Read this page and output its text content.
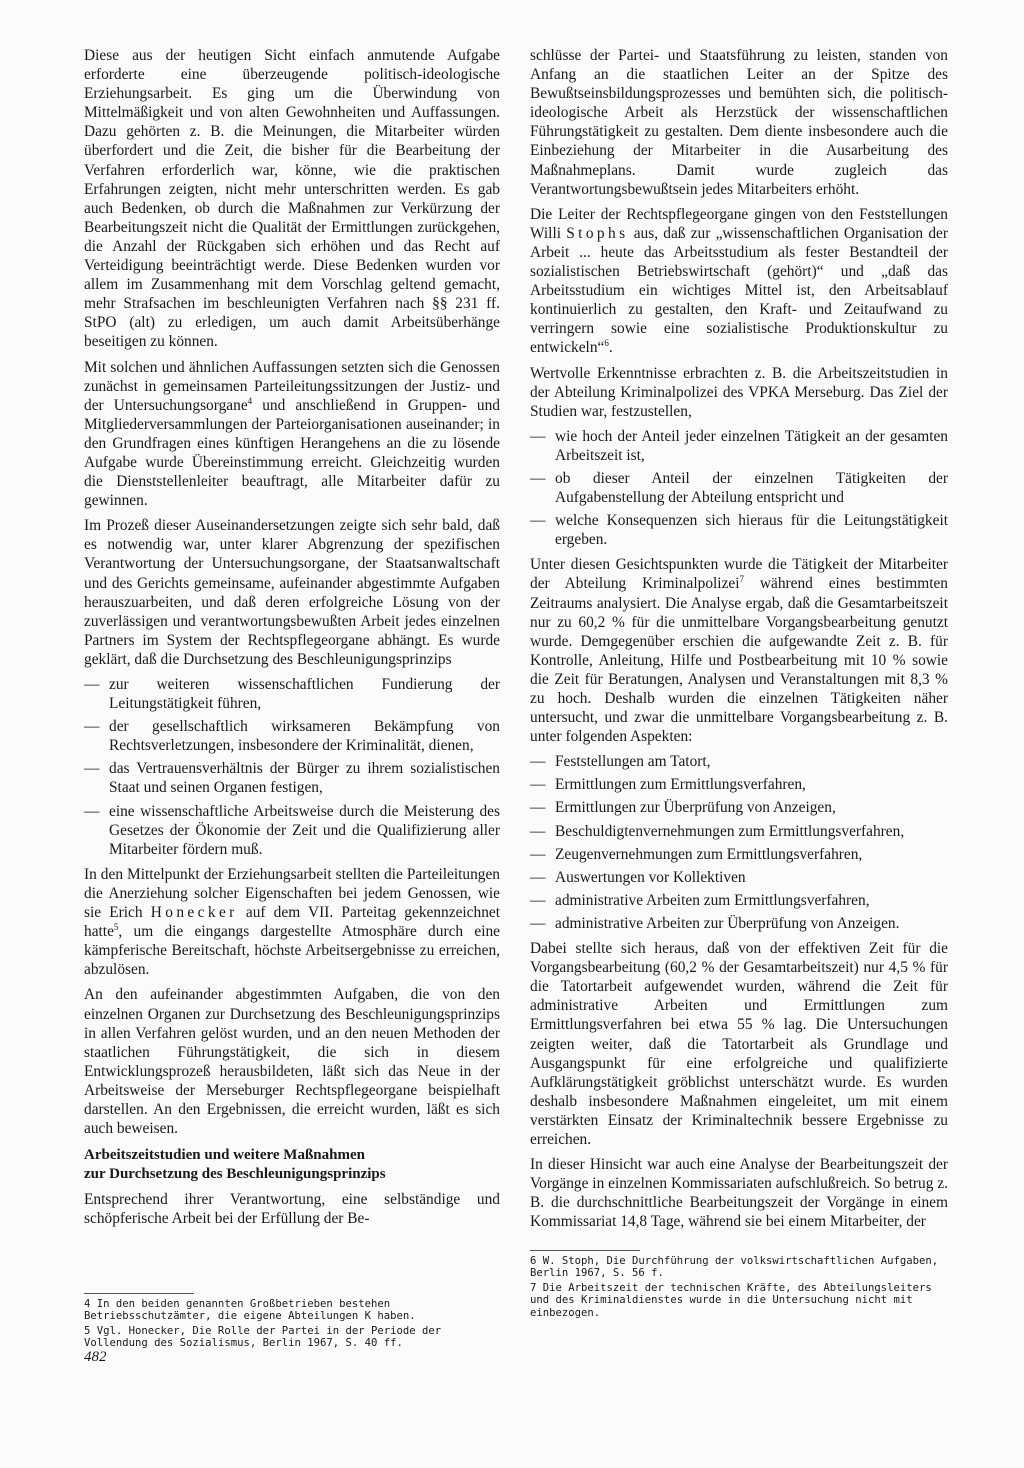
Diese aus der heutigen Sicht einfach anmutende Aufgabe erforderte eine überzeugende politisch-ideologische Erziehungsarbeit. Es ging um die Überwindung von Mittelmäßigkeit und von alten Gewohnheiten und Auffassungen. Dazu gehörten z. B. die Meinungen, die Mitarbeiter würden überfordert und die Zeit, die bisher für die Bearbeitung der Verfahren erforderlich war, könne, wie die praktischen Erfahrungen zeigten, nicht mehr unterschritten werden. Es gab auch Bedenken, ob durch die Maßnahmen zur Verkürzung der Bearbeitungszeit nicht die Qualität der Ermittlungen zurückgehen, die Anzahl der Rückgaben sich erhöhen und das Recht auf Verteidigung beeinträchtigt werde. Diese Bedenken wurden vor allem im Zusammenhang mit dem Vorschlag geltend gemacht, mehr Strafsachen im beschleunigten Verfahren nach §§ 231 ff. StPO (alt) zu erledigen, um auch damit Arbeitsüberhänge beseitigen zu können.

Mit solchen und ähnlichen Auffassungen setzten sich die Genossen zunächst in gemeinsamen Parteileitungssitzungen der Justiz- und der Untersuchungsorgane$^4$ und anschließend in Gruppen- und Mitgliederversammlungen der Parteiorganisationen auseinander; in den Grundfragen eines künftigen Herangehens an die zu lösende Aufgabe wurde Übereinstimmung erreicht. Gleichzeitig wurden die Dienststellenleiter beauftragt, alle Mitarbeiter dafür zu gewinnen.

Im Prozeß dieser Auseinandersetzungen zeigte sich sehr bald, daß es notwendig war, unter klarer Abgrenzung der spezifischen Verantwortung der Untersuchungsorgane, der Staatsanwaltschaft und des Gerichts gemeinsame, aufeinander abgestimmte Aufgaben herauszuarbeiten, und daß deren erfolgreiche Lösung von der zuverlässigen und verantwortungsbewußten Arbeit jedes einzelnen Partners im System der Rechtspflegeorgane abhängt. Es wurde geklärt, daß die Durchsetzung des Beschleunigungsprinzips

— zur weiteren wissenschaftlichen Fundierung der Leitungstätigkeit führen,
— der gesellschaftlich wirksameren Bekämpfung von Rechtsverletzungen, insbesondere der Kriminalität, dienen,
— das Vertrauensverhältnis der Bürger zu ihrem sozialistischen Staat und seinen Organen festigen,
— eine wissenschaftliche Arbeitsweise durch die Meisterung des Gesetzes der Ökonomie der Zeit und die Qualifizierung aller Mitarbeiter fördern muß.

In den Mittelpunkt der Erziehungsarbeit stellten die Parteileitungen die Anerziehung solcher Eigenschaften bei jedem Genossen, wie sie Erich Honecker auf dem VII. Parteitag gekennzeichnet hatte$^5$, um die eingangs dargestellte Atmosphäre durch eine kämpferische Bereitschaft, höchste Arbeitsergebnisse zu erreichen, abzulösen.

An den aufeinander abgestimmten Aufgaben, die von den einzelnen Organen zur Durchsetzung des Beschleunigungsprinzips in allen Verfahren gelöst wurden, und an den neuen Methoden der staatlichen Führungstätigkeit, die sich in diesem Entwicklungsprozeß herausbildeten, läßt sich das Neue in der Arbeitsweise der Merseburger Rechtspflegeorgane beispielhaft darstellen. An den Ergebnissen, die erreicht wurden, läßt es sich auch beweisen.

Arbeitszeitstudien und weitere Maßnahmen
zur Durchsetzung des Beschleunigungsprinzips

Entsprechend ihrer Verantwortung, eine selbständige und schöpferische Arbeit bei der Erfüllung der Be-

4 In den beiden genannten Großbetrieben bestehen Betriebsschutzämter, die eigene Abteilungen K haben.

5 Vgl. Honecker, Die Rolle der Partei in der Periode der Vollendung des Sozialismus, Berlin 1967, S. 40 ff.

482

schlüsse der Partei- und Staatsführung zu leisten, standen von Anfang an die staatlichen Leiter an der Spitze des Bewußtseinsbildungsprozesses und bemühten sich, die politisch-ideologische Arbeit als Herzstück der wissenschaftlichen Führungstätigkeit zu gestalten. Dem diente insbesondere auch die Einbeziehung der Mitarbeiter in die Ausarbeitung des Maßnahmeplans. Damit wurde zugleich das Verantwortungsbewußtsein jedes Mitarbeiters erhöht.

Die Leiter der Rechtspflegeorgane gingen von den Feststellungen Willi Stophs aus, daß zur „wissenschaftlichen Organisation der Arbeit ... heute das Arbeitsstudium als fester Bestandteil der sozialistischen Betriebswirtschaft (gehört)“ und „daß das Arbeitsstudium ein wichtiges Mittel ist, den Arbeitsablauf kontinuierlich zu gestalten, den Kraft- und Zeitaufwand zu verringern sowie eine sozialistische Produktionskultur zu entwickeln“$^6$.

Wertvolle Erkenntnisse erbrachten z. B. die Arbeitszeitstudien in der Abteilung Kriminalpolizei des VPKA Merseburg. Das Ziel der Studien war, festzustellen,

— wie hoch der Anteil jeder einzelnen Tätigkeit an der gesamten Arbeitszeit ist,
— ob dieser Anteil der einzelnen Tätigkeiten der Aufgabenstellung der Abteilung entspricht und
— welche Konsequenzen sich hieraus für die Leitungstätigkeit ergeben.

Unter diesen Gesichtspunkten wurde die Tätigkeit der Mitarbeiter der Abteilung Kriminalpolizei$^7$ während eines bestimmten Zeitraums analysiert. Die Analyse ergab, daß die Gesamtarbeitszeit nur zu 60,2 % für die unmittelbare Vorgangsbearbeitung genutzt wurde. Demgegenüber erschien die aufgewandte Zeit z. B. für Kontrolle, Anleitung, Hilfe und Postbearbeitung mit 10 % sowie die Zeit für Beratungen, Analysen und Veranstaltungen mit 8,3 % zu hoch. Deshalb wurden die einzelnen Tätigkeiten näher untersucht, und zwar die unmittelbare Vorgangsbearbeitung z. B. unter folgenden Aspekten:

— Feststellungen am Tatort,
— Ermittlungen zum Ermittlungsverfahren,
— Ermittlungen zur Überprüfung von Anzeigen,
— Beschuldigtenvernehmungen zum Ermittlungsverfahren,
— Zeugenvernehmungen zum Ermittlungsverfahren,
— Auswertungen vor Kollektiven
— administrative Arbeiten zum Ermittlungsverfahren,
— administrative Arbeiten zur Überprüfung von Anzeigen.

Dabei stellte sich heraus, daß von der effektiven Zeit für die Vorgangsbearbeitung (60,2 % der Gesamtarbeitszeit) nur 4,5 % für die Tatortarbeit aufgewendet wurden, während die Zeit für administrative Arbeiten und Ermittlungen zum Ermittlungsverfahren bei etwa 55 % lag. Die Untersuchungen zeigten weiter, daß die Tatortarbeit als Grundlage und Ausgangspunkt für eine erfolgreiche und qualifizierte Aufklärungstätigkeit gröblichst unterschätzt wurde. Es wurden deshalb insbesondere Maßnahmen eingeleitet, um mit einem verstärkten Einsatz der Kriminaltechnik bessere Ergebnisse zu erreichen.

In dieser Hinsicht war auch eine Analyse der Bearbeitungszeit der Vorgänge in einzelnen Kommissariaten aufschlußreich. So betrug z. B. die durchschnittliche Bearbeitungszeit der Vorgänge in einem Kommissariat 14,8 Tage, während sie bei einem Mitarbeiter, der

6 W. Stoph, Die Durchführung der volkswirtschaftlichen Aufgaben, Berlin 1967, S. 56 f.

7 Die Arbeitszeit der technischen Kräfte, des Abteilungsleiters und des Kriminaldienstes wurde in die Untersuchung nicht mit einbezogen.
